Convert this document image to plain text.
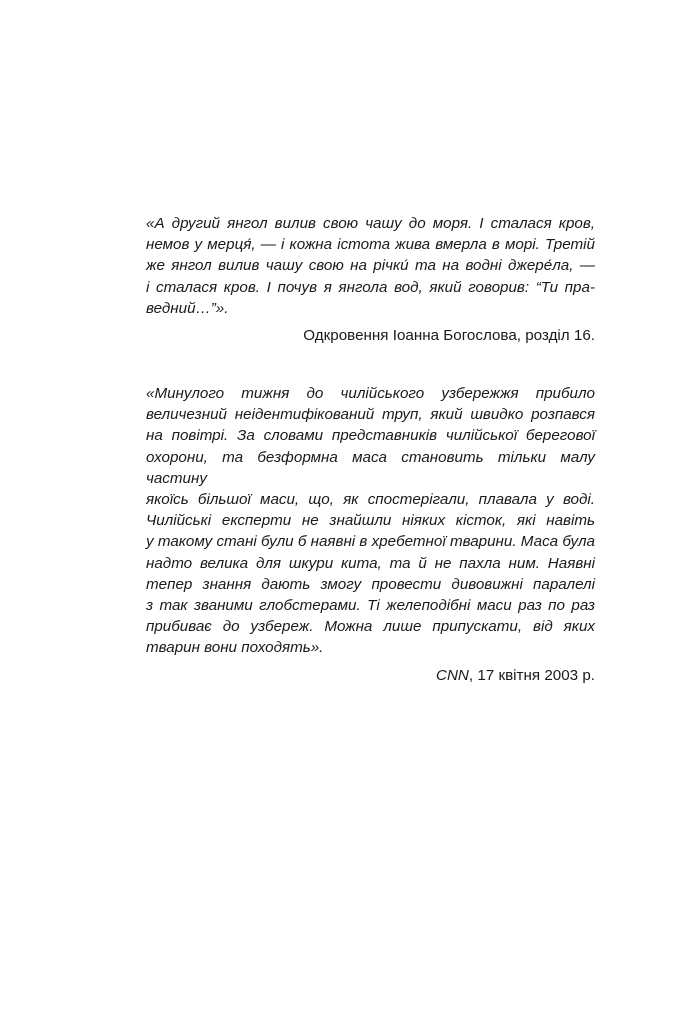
«А другий янгол вилив свою чашу до моря. І сталася кров,
немов у мерця́, — і кожна істота жива вмерла в морі. Третій
же янгол вилив чашу свою на річки́ та на водні джере́ла, —
і сталася кров. І почув я янгола вод, який говорив: “Ти пра-
ведний…”».

Одкровення Іоанна Богослова, розділ 16.

«Минулого тижня до чилійського узбережжя прибило
величезний неідентифікований труп, який швидко розпався
на повітрі. За словами представників чилійської берегової
охорони, та безформна маса становить тільки малу частину
якоїсь більшої маси, що, як спостерігали, плавала у воді.
Чилійські експерти не знайшли ніяких кісток, які навіть
у такому стані були б наявні в хребетної тварини. Маса була
надто велика для шкури кита, та й не пахла ним. Наявні
тепер знання дають змогу провести дивовижні паралелі
з так званими глобстерами. Ті желеподібні маси раз по раз
прибиває до узбереж. Можна лише припускати, від яких
тварин вони походять».

CNN, 17 квітня 2003 р.
